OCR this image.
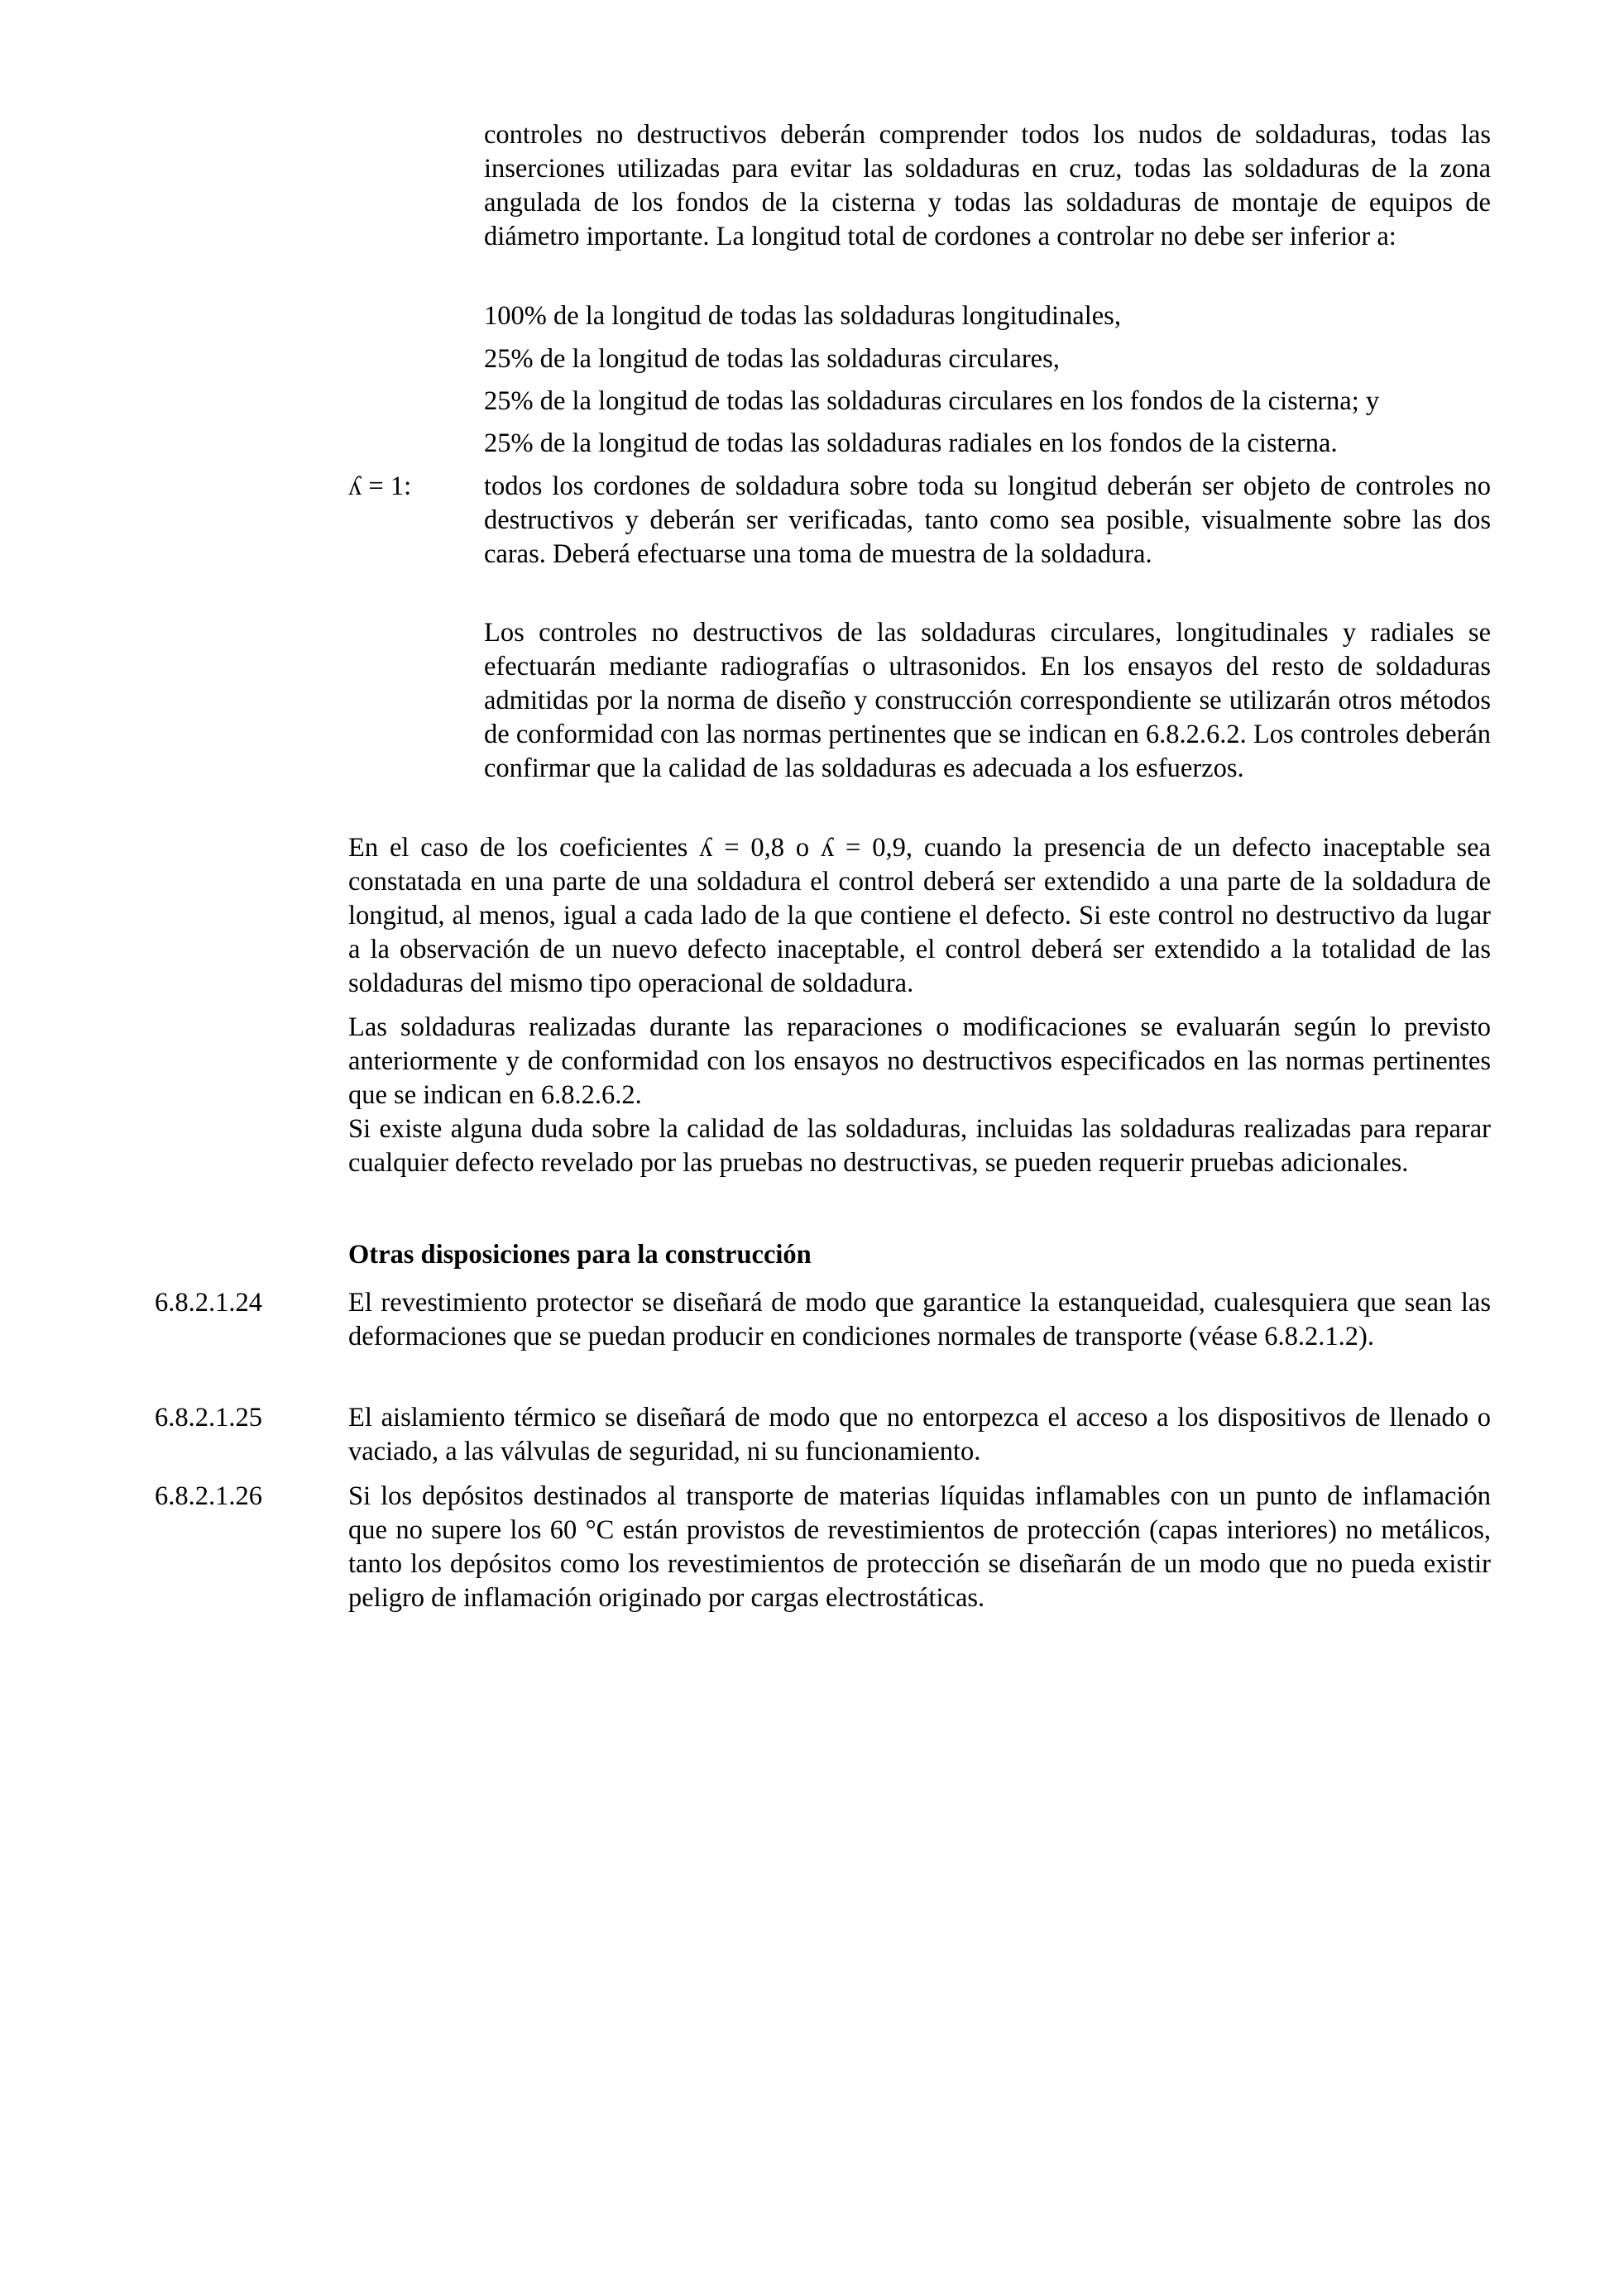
controles no destructivos deberán comprender todos los nudos de soldaduras, todas las inserciones utilizadas para evitar las soldaduras en cruz, todas las soldaduras de la zona angulada de los fondos de la cisterna y todas las soldaduras de montaje de equipos de diámetro importante. La longitud total de cordones a controlar no debe ser inferior a:

100% de la longitud de todas las soldaduras longitudinales,

25% de la longitud de todas las soldaduras circulares,

25% de la longitud de todas las soldaduras circulares en los fondos de la cisterna; y

25% de la longitud de todas las soldaduras radiales en los fondos de la cisterna.

ʎ = 1:	todos los cordones de soldadura sobre toda su longitud deberán ser objeto de controles no destructivos y deberán ser verificadas, tanto como sea posible, visualmente sobre las dos caras. Deberá efectuarse una toma de muestra de la soldadura.

Los controles no destructivos de las soldaduras circulares, longitudinales y radiales se efectuarán mediante radiografías o ultrasonidos. En los ensayos del resto de soldaduras admitidas por la norma de diseño y construcción correspondiente se utilizarán otros métodos de conformidad con las normas pertinentes que se indican en 6.8.2.6.2. Los controles deberán confirmar que la calidad de las soldaduras es adecuada a los esfuerzos.

En el caso de los coeficientes ʎ = 0,8 o ʎ = 0,9, cuando la presencia de un defecto inaceptable sea constatada en una parte de una soldadura el control deberá ser extendido a una parte de la soldadura de longitud, al menos, igual a cada lado de la que contiene el defecto. Si este control no destructivo da lugar a la observación de un nuevo defecto inaceptable, el control deberá ser extendido a la totalidad de las soldaduras del mismo tipo operacional de soldadura.

Las soldaduras realizadas durante las reparaciones o modificaciones se evaluarán según lo previsto anteriormente y de conformidad con los ensayos no destructivos especificados en las normas pertinentes que se indican en 6.8.2.6.2.

Si existe alguna duda sobre la calidad de las soldaduras, incluidas las soldaduras realizadas para reparar cualquier defecto revelado por las pruebas no destructivas, se pueden requerir pruebas adicionales.

Otras disposiciones para la construcción

6.8.2.1.24	El revestimiento protector se diseñará de modo que garantice la estanqueidad, cualesquiera que sean las deformaciones que se puedan producir en condiciones normales de transporte (véase 6.8.2.1.2).

6.8.2.1.25	El aislamiento térmico se diseñará de modo que no entorpezca el acceso a los dispositivos de llenado o vaciado, a las válvulas de seguridad, ni su funcionamiento.

6.8.2.1.26	Si los depósitos destinados al transporte de materias líquidas inflamables con un punto de inflamación que no supere los 60 °C están provistos de revestimientos de protección (capas interiores) no metálicos, tanto los depósitos como los revestimientos de protección se diseñarán de un modo que no pueda existir peligro de inflamación originado por cargas electrostáticas.
